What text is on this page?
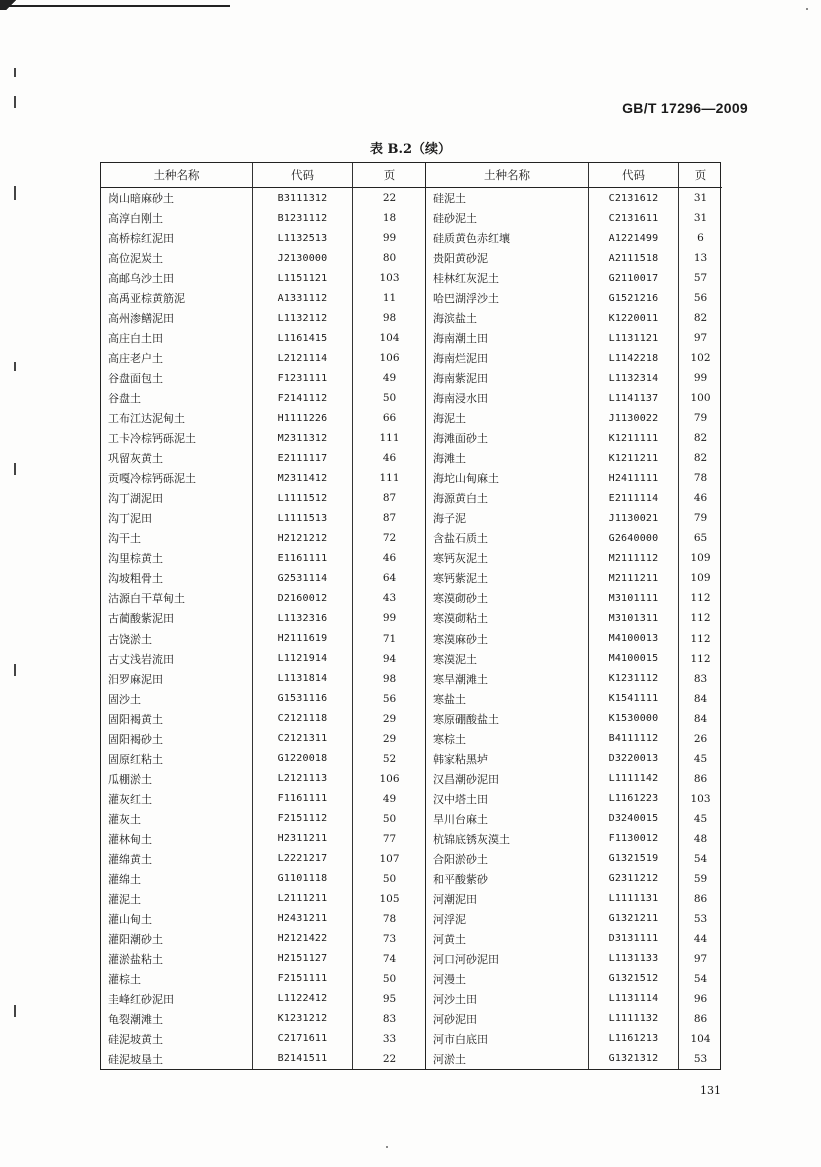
GB/T 17296—2009
表 B.2（续）
土种名称	代码	页
岗山暗麻砂土	B3111312	22
高淳白刚土	B1231112	18
高桥棕红泥田	L1132513	99
高位泥炭土	J2130000	80
高邮乌沙土田	L1151121	103
高禹亚棕黄筋泥	A1331112	11
高州渗鳝泥田	L1132112	98
高庄白土田	L1161415	104
高庄老户土	L2121114	106
谷盘面包土	F1231111	49
谷盘土	F2141112	50
工布江达泥甸土	H1111226	66
工卡冷棕钙砾泥土	M2311312	111
巩留灰黄土	E2111117	46
贡嘎冷棕钙砾泥土	M2311412	111
沟丁湖泥田	L1111512	87
沟丁泥田	L1111513	87
沟干土	H2121212	72
沟里棕黄土	E1161111	46
沟坡粗骨土	G2531114	64
沽源白干草甸土	D2160012	43
古蔺酸紫泥田	L1132316	99
古饶淤土	H2111619	71
古丈浅岩流田	L1121914	94
汨罗麻泥田	L1131814	98
固沙土	G1531116	56
固阳褐黄土	C2121118	29
固阳褐砂土	C2121311	29
固原红粘土	G1220018	52
瓜棚淤土	L2121113	106
灌灰红土	F1161111	49
灌灰土	F2151112	50
灌林甸土	H2311211	77
灌绵黄土	L2221217	107
灌绵土	G1101118	50
灌泥土	L2111211	105
灌山甸土	H2431211	78
灌阳潮砂土	H2121422	73
灌淤盐粘土	H2151127	74
灌棕土	F2151111	50
圭峰红砂泥田	L1122412	95
龟裂潮滩土	K1231212	83
硅泥坡黄土	C2171611	33
硅泥坡垦土	B2141511	22
土种名称	代码	页
硅泥土	C2131612	31
硅砂泥土	C2131611	31
硅质黄色赤红壤	A1221499	6
贵阳黄砂泥	A2111518	13
桂林红灰泥土	G2110017	57
哈巴湖浮沙土	G1521216	56
海滨盐土	K1220011	82
海南潮土田	L1131121	97
海南烂泥田	L1142218	102
海南紫泥田	L1132314	99
海南浸水田	L1141137	100
海泥土	J1130022	79
海滩面砂土	K1211111	82
海滩土	K1211211	82
海坨山甸麻土	H2411111	78
海源黄白土	E2111114	46
海子泥	J1130021	79
含盐石质土	G2640000	65
寒钙灰泥土	M2111112	109
寒钙紫泥土	M2111211	109
寒漠砌砂土	M3101111	112
寒漠砌粘土	M3101311	112
寒漠麻砂土	M4100013	112
寒漠泥土	M4100015	112
寒旱潮滩土	K1231112	83
寒盐土	K1541111	84
寒原硼酸盐土	K1530000	84
寒棕土	B4111112	26
韩家粘黑垆	D3220013	45
汉昌潮砂泥田	L1111142	86
汉中塔土田	L1161223	103
旱川台麻土	D3240015	45
杭锦底锈灰漠土	F1130012	48
合阳淤砂土	G1321519	54
和平酸紫砂	G2311212	59
河潮泥田	L1111131	86
河浮泥	G1321211	53
河黄土	D3131111	44
河口河砂泥田	L1131133	97
河漫土	G1321512	54
河沙土田	L1131114	96
河砂泥田	L1111132	86
河市白底田	L1161213	104
河淤土	G1321312	53
131
